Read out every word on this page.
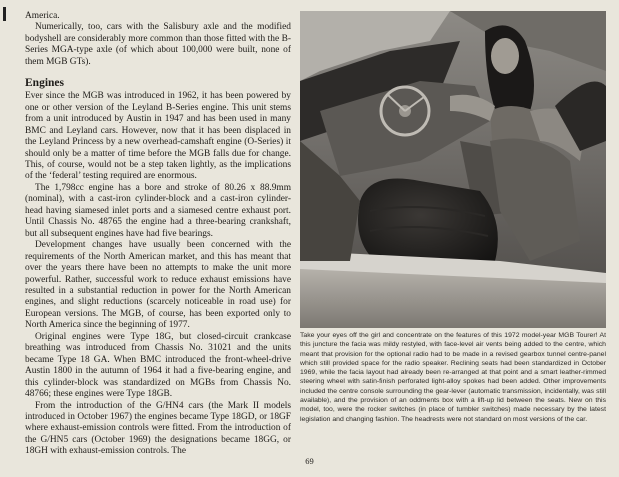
America.

Numerically, too, cars with the Salisbury axle and the modified bodyshell are considerably more common than those fitted with the B-Series MGA-type axle (of which about 100,000 were built, none of them MGB GTs).

Engines

Ever since the MGB was introduced in 1962, it has been powered by one or other version of the Leyland B-Series engine. This unit stems from a unit introduced by Austin in 1947 and has been used in many BMC and Leyland cars. However, now that it has been displaced in the Leyland Princess by a new overhead-camshaft engine (O-Series) it should only be a matter of time before the MGB falls due for change. This, of course, would not be a step taken lightly, as the implications of the ‘federal’ testing required are enormous.

The 1,798cc engine has a bore and stroke of 80.26 x 88.9mm (nominal), with a cast-iron cylinder-block and a cast-iron cylinder-head having siamesed inlet ports and a siamesed centre exhaust port. Until Chassis No. 48765 the engine had a three-bearing crankshaft, but all subsequent engines have had five bearings.

Development changes have usually been concerned with the requirements of the North American market, and this has meant that over the years there have been no attempts to make the unit more powerful. Rather, successful work to reduce exhaust emissions have resulted in a substantial reduction in power for the North American engines, and slight reductions (scarcely noticeable in road use) for European versions. The MGB, of course, has been exported only to North America since the beginning of 1977.

Original engines were Type 18G, but closed-circuit crankcase breathing was introduced from Chassis No. 31021 and the units became Type 18 GA. When BMC introduced the front-wheel-drive Austin 1800 in the autumn of 1964 it had a five-bearing engine, and this cylinder-block was standardized on MGBs from Chassis No. 48766; these engines were Type 18GB.

From the introduction of the G/HN4 cars (the Mark II models introduced in October 1967) the engines became Type 18GD, or 18GF where exhaust-emission controls were fitted. From the introduction of the G/HN5 cars (October 1969) the designations became 18GG, or 18GH with exhaust-emission controls. The

Take your eyes off the girl and concentrate on the features of this 1972 model-year MGB Tourer! At this juncture the facia was mildy restyled, with face-level air vents being added to the centre, which meant that provision for the optional radio had to be made in a revised gearbox tunnel centre-panel which still provided space for the radio speaker. Reclining seats had been standardized in October 1969, while the facia layout had already been re-arranged at that point and a smart leather-rimmed steering wheel with satin-finish perforated light-alloy spokes had been added. Other improvements included the centre console surrounding the gear-lever (automatic transmission, incidentally, was still available), and the provision of an oddments box with a lift-up lid between the seats. New on this model, too, were the rocker switches (in place of tumbler switches) made necessary by the latest legislation and changing fashion. The headrests were not standard on most versions of the car.
69
